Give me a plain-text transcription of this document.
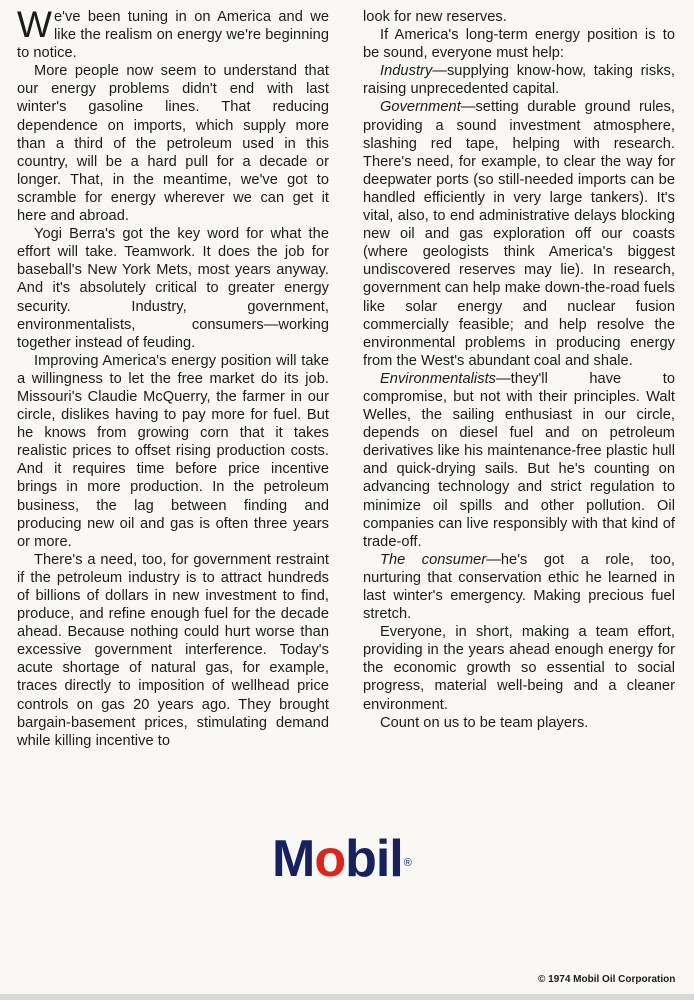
We've been tuning in on America and we like the realism on energy we're beginning to notice.

More people now seem to understand that our energy problems didn't end with last winter's gasoline lines. That reducing dependence on imports, which supply more than a third of the petroleum used in this country, will be a hard pull for a decade or longer. That, in the meantime, we've got to scramble for energy wherever we can get it here and abroad.

Yogi Berra's got the key word for what the effort will take. Teamwork. It does the job for baseball's New York Mets, most years anyway. And it's absolutely critical to greater energy security. Industry, government, environmentalists, consumers—working together instead of feuding.

Improving America's energy position will take a willingness to let the free market do its job. Missouri's Claudie McQuerry, the farmer in our circle, dislikes having to pay more for fuel. But he knows from growing corn that it takes realistic prices to offset rising production costs. And it requires time before price incentive brings in more production. In the petroleum business, the lag between finding and producing new oil and gas is often three years or more.

There's a need, too, for government restraint if the petroleum industry is to attract hundreds of billions of dollars in new investment to find, produce, and refine enough fuel for the decade ahead. Because nothing could hurt worse than excessive government interference. Today's acute shortage of natural gas, for example, traces directly to imposition of wellhead price controls on gas 20 years ago. They brought bargain-basement prices, stimulating demand while killing incentive to

look for new reserves.

If America's long-term energy position is to be sound, everyone must help:

Industry—supplying know-how, taking risks, raising unprecedented capital.

Government—setting durable ground rules, providing a sound investment atmosphere, slashing red tape, helping with research. There's need, for example, to clear the way for deepwater ports (so still-needed imports can be handled efficiently in very large tankers). It's vital, also, to end administrative delays blocking new oil and gas exploration off our coasts (where geologists think America's biggest undiscovered reserves may lie). In research, government can help make down-the-road fuels like solar energy and nuclear fusion commercially feasible; and help resolve the environmental problems in producing energy from the West's abundant coal and shale.

Environmentalists—they'll have to compromise, but not with their principles. Walt Welles, the sailing enthusiast in our circle, depends on diesel fuel and on petroleum derivatives like his maintenance-free plastic hull and quick-drying sails. But he's counting on advancing technology and strict regulation to minimize oil spills and other pollution. Oil companies can live responsibly with that kind of trade-off.

The consumer—he's got a role, too, nurturing that conservation ethic he learned in last winter's emergency. Making precious fuel stretch.

Everyone, in short, making a team effort, providing in the years ahead enough energy for the economic growth so essential to social progress, material well-being and a cleaner environment.

Count on us to be team players.

Mobil®
© 1974 Mobil Oil Corporation
